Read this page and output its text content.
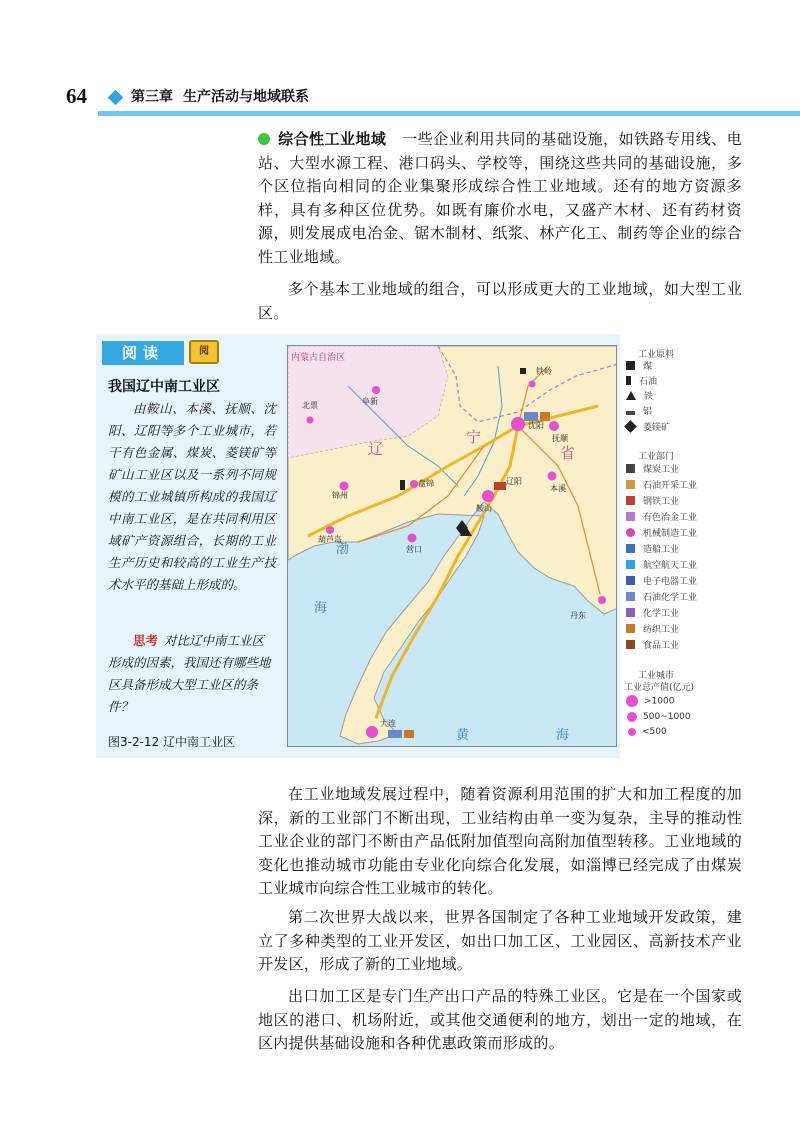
64	第三章 生产活动与地域联系
综合性工业地域 一些企业利用共同的基础设施，如铁路专用线、电站、大型水源工程、港口码头、学校等，围绕这些共同的基础设施，多个区位指向相同的企业集聚形成综合性工业地域。还有的地方资源多样，具有多种区位优势。如既有廉价水电，又盛产木材、还有药材资源，则发展成电冶金、锯木制材、纸浆、林产化工、制药等企业的综合性工业地域。
多个基本工业地域的组合，可以形成更大的工业地域，如大型工业区。
阅读	阅
我国辽中南工业区
由鞍山、本溪、抚顺、沈阳、辽阳等多个工业城市，若干有色金属、煤炭、菱镁矿等矿山工业区以及一系列不同规模的工业城镇所构成的我国辽中南工业区，是在共同利用区域矿产资源组合，长期的工业生产历史和较高的工业生产技术水平的基础上形成的。
思考 对比辽中南工业区形成的因素，我国还有哪些地区具备形成大型工业区的条件？
图3-2-12 辽中南工业区
渤
海
黄	海
内蒙古自治区
辽
宁
省
铁岭
抚顺
沈阳
本溪
鞍山
辽阳
营口
锦州
葫芦岛
阜新
北票
盘锦
丹东
大连
工业原料
煤
石油
铁
铝
菱镁矿
工业部门
煤炭工业
石油开采工业
钢铁工业
有色冶金工业
机械制造工业
造船工业
航空航天工业
电子电器工业
石油化学工业
化学工业
纺织工业
食品工业
工业城市
工业总产值(亿元)
>1000
500~1000
<500
在工业地域发展过程中，随着资源利用范围的扩大和加工程度的加深，新的工业部门不断出现，工业结构由单一变为复杂，主导的推动性工业企业的部门不断由产品低附加值型向高附加值型转移。工业地域的变化也推动城市功能由专业化向综合化发展，如淄博已经完成了由煤炭工业城市向综合性工业城市的转化。
第二次世界大战以来，世界各国制定了各种工业地域开发政策，建立了多种类型的工业开发区，如出口加工区、工业园区、高新技术产业开发区，形成了新的工业地域。
出口加工区是专门生产出口产品的特殊工业区。它是在一个国家或地区的港口、机场附近，或其他交通便利的地方，划出一定的地域，在区内提供基础设施和各种优惠政策而形成的。
